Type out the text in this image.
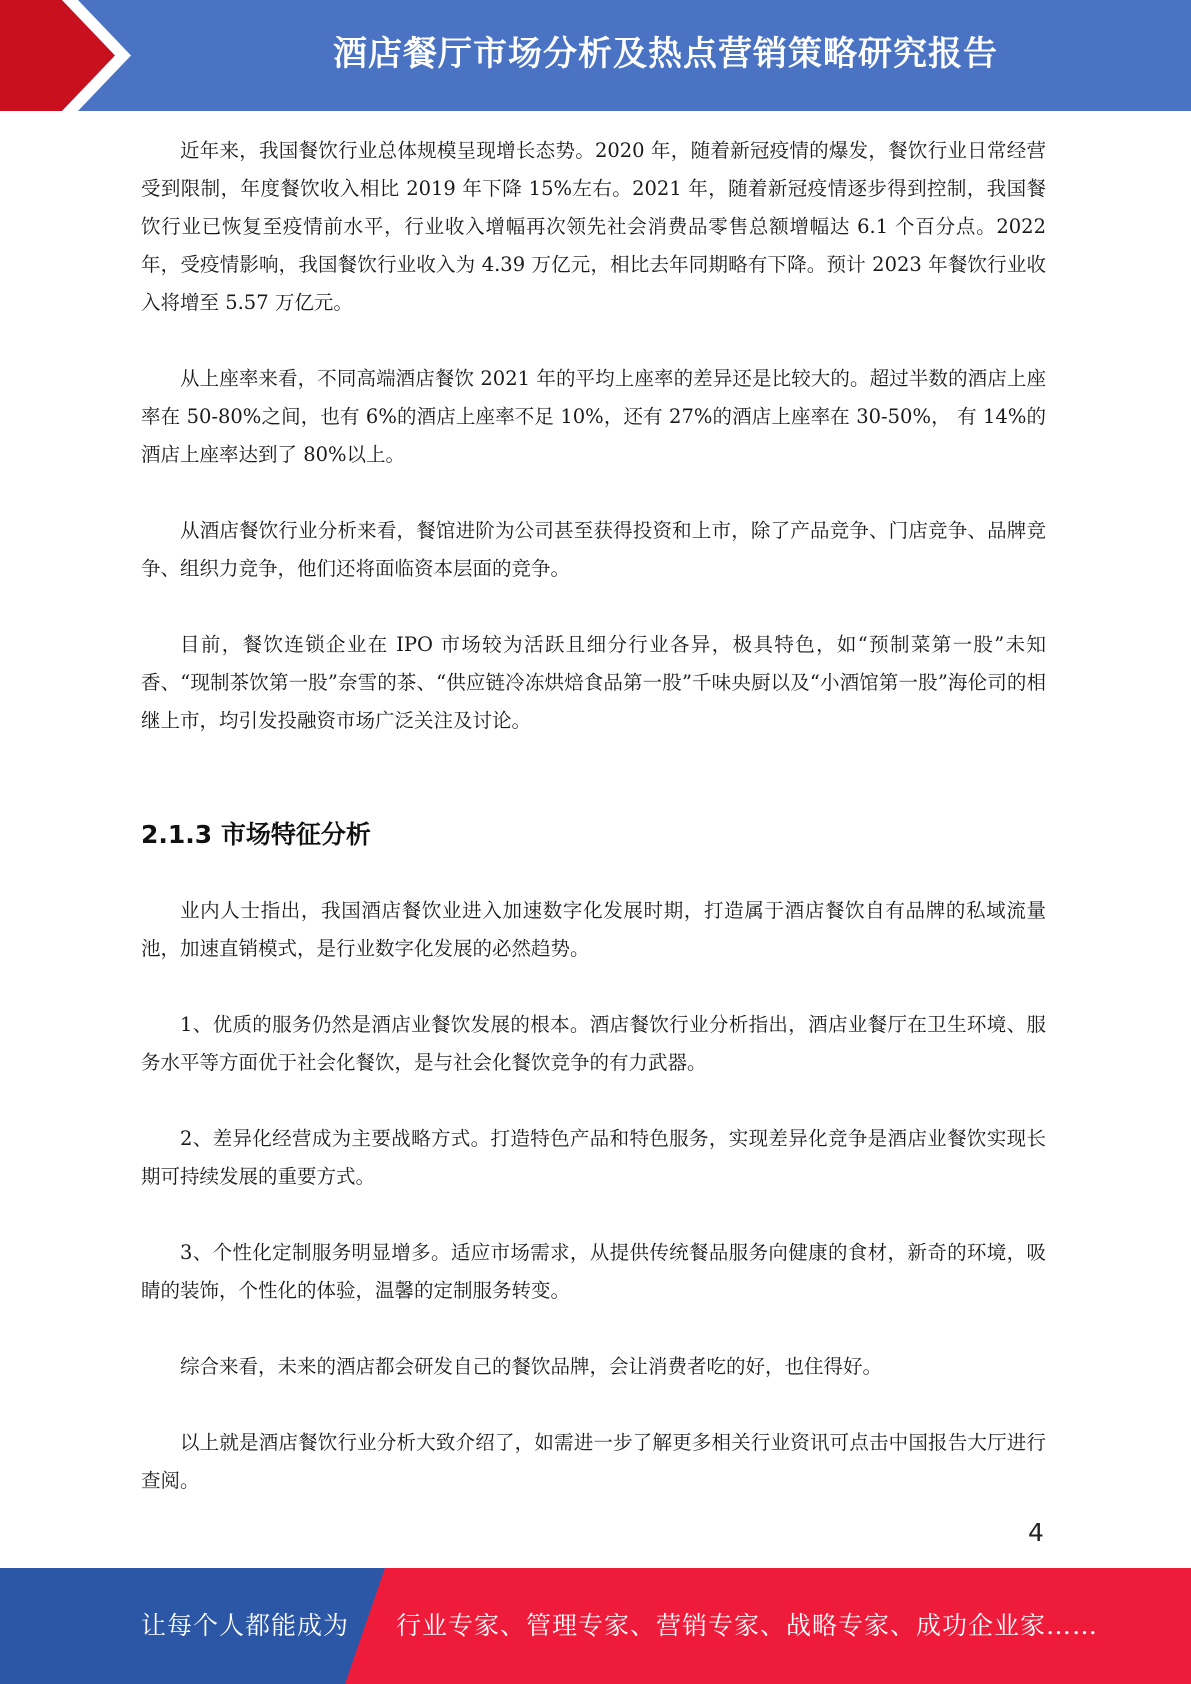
酒店餐厅市场分析及热点营销策略研究报告

近年来，我国餐饮行业总体规模呈现增长态势。2020 年，随着新冠疫情的爆发，餐饮行业日常经营受到限制，年度餐饮收入相比 2019 年下降 15%左右。2021 年，随着新冠疫情逐步得到控制，我国餐饮行业已恢复至疫情前水平，行业收入增幅再次领先社会消费品零售总额增幅达 6.1 个百分点。2022 年，受疫情影响，我国餐饮行业收入为 4.39 万亿元，相比去年同期略有下降。预计 2023 年餐饮行业收入将增至 5.57 万亿元。

从上座率来看，不同高端酒店餐饮 2021 年的平均上座率的差异还是比较大的。超过半数的酒店上座率在 50-80%之间，也有 6%的酒店上座率不足 10%，还有 27%的酒店上座率在 30-50%， 有 14%的酒店上座率达到了 80%以上。

从酒店餐饮行业分析来看，餐馆进阶为公司甚至获得投资和上市，除了产品竞争、门店竞争、品牌竞争、组织力竞争，他们还将面临资本层面的竞争。

目前，餐饮连锁企业在 IPO 市场较为活跃且细分行业各异，极具特色，如“预制菜第一股”未知香、“现制茶饮第一股”奈雪的茶、“供应链冷冻烘焙食品第一股”千味央厨以及“小酒馆第一股”海伦司的相继上市，均引发投融资市场广泛关注及讨论。

2.1.3 市场特征分析

业内人士指出，我国酒店餐饮业进入加速数字化发展时期，打造属于酒店餐饮自有品牌的私域流量池，加速直销模式，是行业数字化发展的必然趋势。

1、优质的服务仍然是酒店业餐饮发展的根本。酒店餐饮行业分析指出，酒店业餐厅在卫生环境、服务水平等方面优于社会化餐饮，是与社会化餐饮竞争的有力武器。

2、差异化经营成为主要战略方式。打造特色产品和特色服务，实现差异化竞争是酒店业餐饮实现长期可持续发展的重要方式。

3、个性化定制服务明显增多。适应市场需求，从提供传统餐品服务向健康的食材，新奇的环境，吸睛的装饰，个性化的体验，温馨的定制服务转变。

综合来看，未来的酒店都会研发自己的餐饮品牌，会让消费者吃的好，也住得好。

以上就是酒店餐饮行业分析大致介绍了，如需进一步了解更多相关行业资讯可点击中国报告大厅进行查阅。

4
让每个人都能成为 行业专家、管理专家、营销专家、战略专家、成功企业家……
